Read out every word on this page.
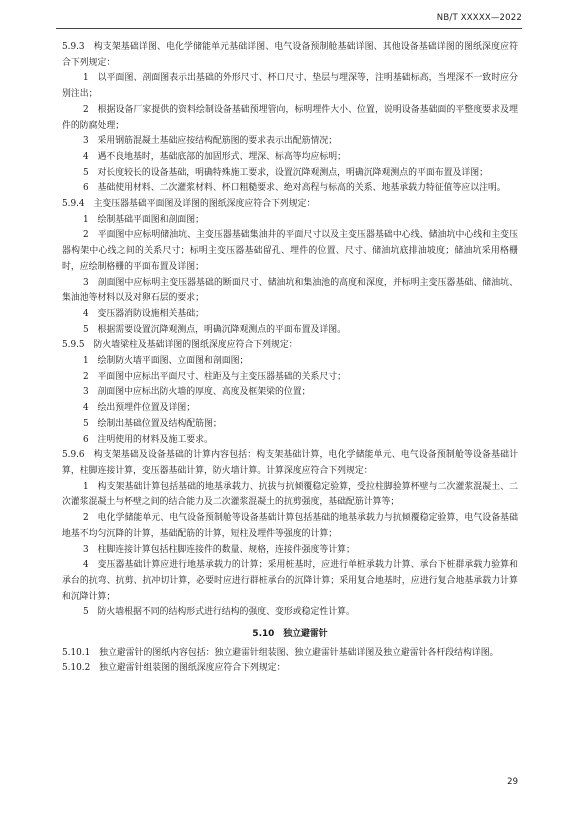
NB/T XXXXX—2022

5.9.3　构支架基础详图、电化学储能单元基础详图、电气设备预制舱基础详图、其他设备基础详图的图纸深度应符合下列规定：

1　以平面图、剖面图表示出基础的外形尺寸、杯口尺寸、垫层与埋深等，注明基础标高，当埋深不一致时应分别注出；

2　根据设备厂家提供的资料绘制设备基础预埋管向，标明埋件大小、位置，说明设备基础面的平整度要求及埋件的防腐处理；

3　采用钢筋混凝土基础应按结构配筋图的要求表示出配筋情况；

4　遇不良地基时，基础底部的加固形式、埋深、标高等均应标明；

5　对长度较长的设备基础，明确特殊施工要求，设置沉降观测点，明确沉降观测点的平面布置及详图；

6　基础使用材料、二次灌浆材料、杯口粗糙要求、绝对高程与标高的关系、地基承载力特征值等应以注明。

5.9.4　主变压器基础平面图及详图的图纸深度应符合下列规定：

1　绘制基础平面图和剖面图；

2　平面图中应标明储油坑、主变压器基础集油井的平面尺寸以及主变压器基础中心线、储油坑中心线和主变压器构架中心线之间的关系尺寸；标明主变压器基础留孔、埋件的位置、尺寸、储油坑底排油坡度；储油坑采用格栅时，应绘制格栅的平面布置及详图；

3　剖面图中应标明主变压器基础的断面尺寸、储油坑和集油池的高度和深度，并标明主变压器基础、储油坑、集油池等材料以及对卵石层的要求；

4　变压器消防设施相关基础；

5　根据需要设置沉降观测点，明确沉降观测点的平面布置及详图。

5.9.5　防火墙梁柱及基础详图的图纸深度应符合下列规定：

1　绘制防火墙平面图、立面图和剖面图；

2　平面图中应标出平面尺寸、柱距及与主变压器基础的关系尺寸；

3　剖面图中应标出防火墙的厚度、高度及框架梁的位置；

4　绘出预埋件位置及详图；

5　绘制出基础位置及结构配筋图；

6　注明使用的材料及施工要求。

5.9.6　构支架基础及设备基础的计算内容包括：构支架基础计算，电化学储能单元、电气设备预制舱等设备基础计算，柱脚连接计算，变压器基础计算，防火墙计算。计算深度应符合下列规定：

1　构支架基础计算包括基础的地基承载力、抗拔与抗倾覆稳定验算，受拉柱脚验算杯壁与二次灌浆混凝土、二次灌浆混凝土与杯壁之间的结合能力及二次灌浆混凝土的抗剪强度，基础配筋计算等；

2　电化学储能单元、电气设备预制舱等设备基础计算包括基础的地基承载力与抗倾覆稳定验算，电气设备基础地基不均匀沉降的计算，基础配筋的计算，短柱及埋件等强度的计算；

3　柱脚连接计算包括柱脚连接件的数量、规格，连接件强度等计算；

4　变压器基础计算应进行地基承载力的计算；采用桩基时，应进行单桩承载力计算、承台下桩群承载力验算和承台的抗弯、抗剪、抗冲切计算，必要时应进行群桩承台的沉降计算；采用复合地基时，应进行复合地基承载力计算和沉降计算；

5　防火墙根据不同的结构形式进行结构的强度、变形或稳定性计算。

5.10　独立避雷针

5.10.1　独立避雷针的图纸内容包括：独立避雷针组装图、独立避雷针基础详图及独立避雷针各杆段结构详图。

5.10.2　独立避雷针组装图的图纸深度应符合下列规定：

29
